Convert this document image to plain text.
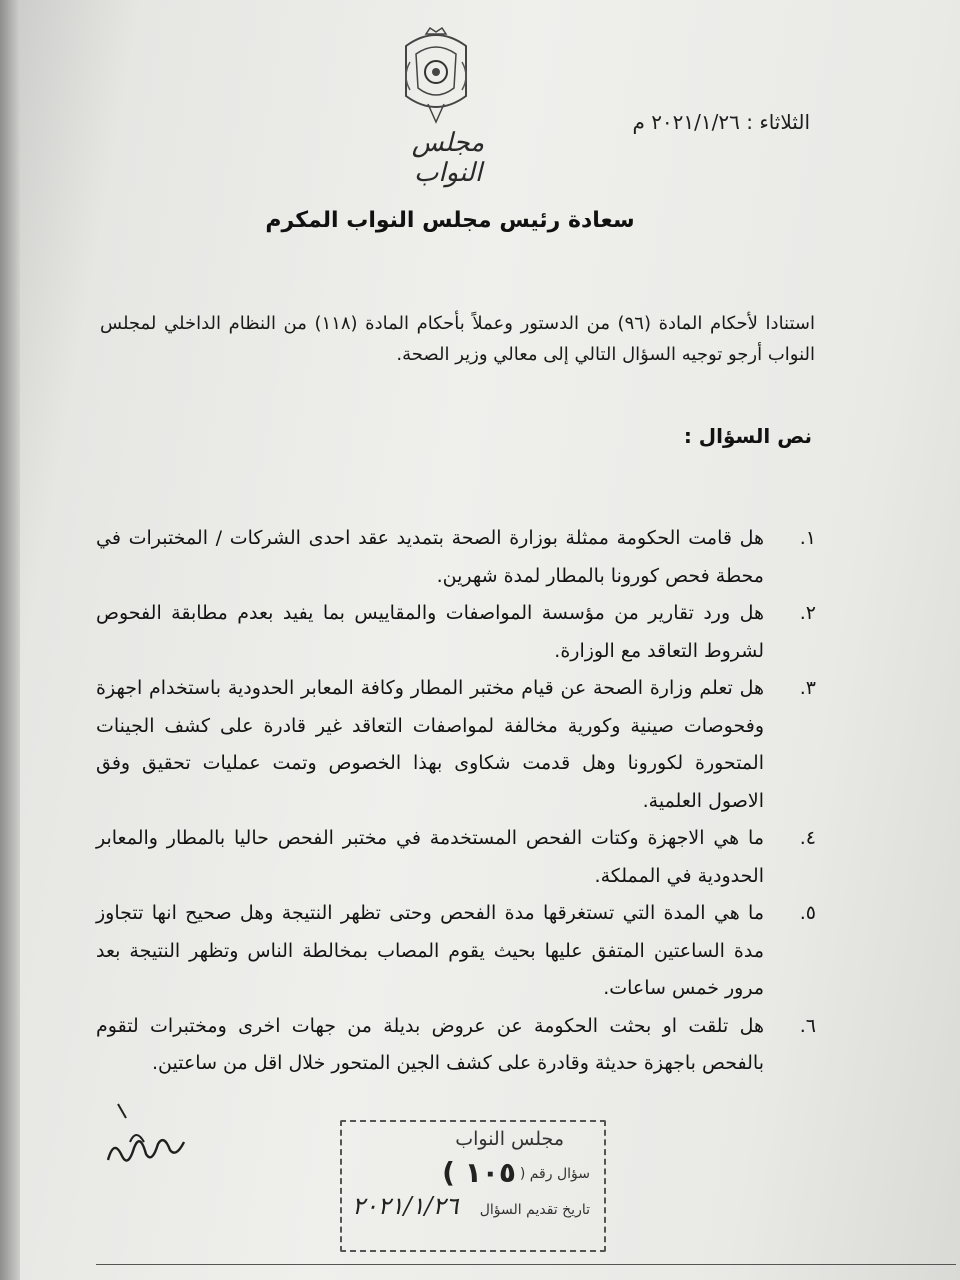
مجلس النواب
الثلاثاء : ٢٠٢١/١/٢٦ م
سعادة رئيس مجلس النواب المكرم
استنادا لأحكام المادة (٩٦) من الدستور وعملاً بأحكام المادة (١١٨) من النظام الداخلي لمجلس النواب أرجو توجيه السؤال التالي إلى معالي وزير الصحة.
نص السؤال :
١.
هل قامت الحكومة ممثلة بوزارة الصحة بتمديد عقد احدى الشركات / المختبرات في محطة فحص كورونا بالمطار لمدة شهرين.
٢.
هل ورد تقارير من مؤسسة المواصفات والمقاييس بما يفيد بعدم مطابقة الفحوص لشروط التعاقد مع الوزارة.
٣.
هل تعلم وزارة الصحة عن قيام مختبر المطار وكافة المعابر الحدودية باستخدام اجهزة وفحوصات صينية وكورية مخالفة لمواصفات التعاقد غير قادرة على كشف الجينات المتحورة لكورونا وهل قدمت شكاوى بهذا الخصوص وتمت عمليات تحقيق وفق الاصول العلمية.
٤.
ما هي الاجهزة وكتات الفحص المستخدمة في مختبر الفحص حاليا بالمطار والمعابر الحدودية في المملكة.
٥.
ما هي المدة التي تستغرقها مدة الفحص وحتى تظهر النتيجة وهل صحيح انها تتجاوز مدة الساعتين المتفق عليها بحيث يقوم المصاب بمخالطة الناس وتظهر النتيجة بعد مرور خمس ساعات.
٦.
هل تلقت او بحثت الحكومة عن عروض بديلة من جهات اخرى ومختبرات لتقوم بالفحص باجهزة حديثة وقادرة على كشف الجين المتحور خلال اقل من ساعتين.
مجلس النواب
سؤال رقم (
١٠٥ )
تاريخ تقديم السؤال
٢٠٢١/١/٢٦
